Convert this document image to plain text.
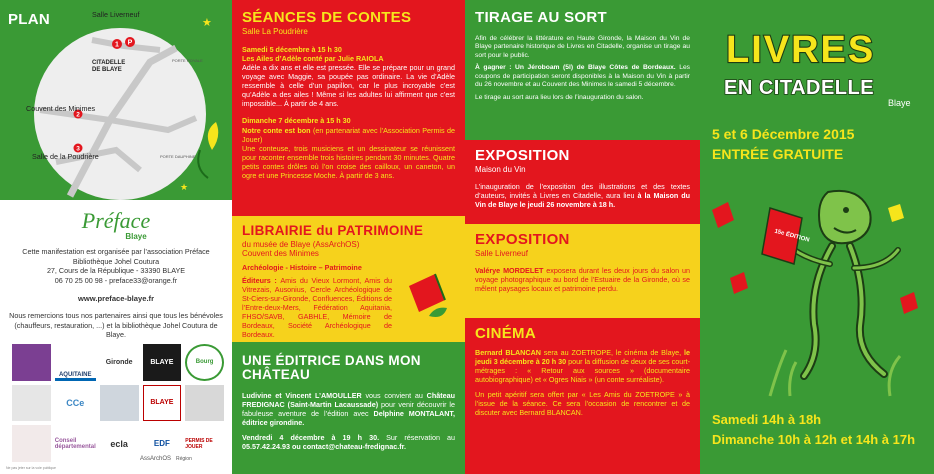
PLAN
1 P
2
3
PORTE ROYALE
PORTE DAUPHINE
★
★
Salle Liverneuf
CITADELLE
DE BLAYE
Couvent des Minimes
Salle de la Poudrière
Préface
Blaye
Cette manifestation est organisée par l’association Préface
Bibliothèque Johel Coutura
27, Cours de la République - 33390 BLAYE
06 70 25 00 98 - preface33@orange.fr
www.preface-blaye.fr
Nous remercions tous nos partenaires ainsi que tous les bénévoles (chauffeurs, restauration, ...) et la bibliothèque Johel Coutura de Blaye.
AQUITAINE
Gironde	BLAYE	Bourg
CCe	BLAYE
Conseil départemental	ecla	EDF	PERMIS DE JOUER
AssArchOS Région
Ne pas jeter sur la voie publique
SÉANCES DE CONTES
Salle La Poudrière
Samedi 5 décembre à 15 h 30
Les Ailes d’Adèle conté par Julie RAIOLA

Adèle a dix ans et elle est pressée. Elle se prépare pour un grand voyage avec Maggie, sa poupée pas ordinaire. La vie d’Adèle ressemble à celle d’un papillon, car le plus incroyable c’est qu’Adèle a des ailes ! Même si les adultes lui affirment que c’est impossible... À partir de 4 ans.

Dimanche 7 décembre à 15 h 30
Notre conte est bon (en partenariat avec l’Association Permis de Jouer)

Une conteuse, trois musiciens et un dessinateur se réunissent pour raconter ensemble trois histoires pendant 30 minutes. Quatre petits contes drôles où l’on croise des cailloux, un caneton, un ogre et une Princesse Moche. À partir de 3 ans.

LIBRAIRIE du PATRIMOINE
du musée de Blaye (AssArchOS)
Couvent des Minimes
Archéologie - Histoire – Patrimoine
Éditeurs : Amis du Vieux Lormont, Amis du Vitrezais, Ausonius, Cercle Archéologique de St-Ciers-sur-Gironde, Confluences, Éditions de l’Entre-deux-Mers, Fédération Aquitania, FHSO/SAVB, GABHLE, Mémoire de Bordeaux, Société Archéologique de Bordeaux.
UNE ÉDITRICE DANS MON CHÂTEAU

Ludivine et Vincent L’AMOULLER vous convient au Château FREDIGNAC (Saint-Martin Lacaussade) pour venir découvrir le fabuleuse aventure de l’édition avec Delphine MONTALANT, éditrice girondine.

Vendredi 4 décembre à 19 h 30. Sur réservation au 05.57.42.24.93 ou contact@chateau-fredignac.fr.

TIRAGE AU SORT

Afin de célébrer la littérature en Haute Gironde, la Maison du Vin de Blaye partenaire historique de Livres en Citadelle, organise un tirage au sort pour le public.

À gagner : Un Jéroboam (5l) de Blaye Côtes de Bordeaux. Les coupons de participation seront disponibles à la Maison du Vin à partir du 26 novembre et au Couvent des Minimes le samedi 5 décembre.

Le tirage au sort aura lieu lors de l’inauguration du salon.

EXPOSITION
Maison du Vin
L’inauguration de l’exposition des illustrations et des textes d’auteurs, invités à Livres en Citadelle, aura lieu à la Maison du Vin de Blaye le jeudi 26 novembre à 18 h.
EXPOSITION
Salle Liverneuf
Valérye MORDELET exposera durant les deux jours du salon un voyage photographique au bord de l’Estuaire de la Gironde, où se mêlent paysages locaux et patrimoine perdu.
CINÉMA

Bernard BLANCAN sera au ZOETROPE, le cinéma de Blaye, le jeudi 3 décembre à 20 h 30 pour la diffusion de deux de ses court-métrages : « Retour aux sources » (documentaire autobiographique) et « Ogres Niais » (un conte surréaliste).

Un petit apéritif sera offert par « Les Amis du ZOETROPE » à l’issue de la séance. Ce sera l’occasion de rencontrer et de discuter avec Bernard BLANCAN.

LIVRES
EN CITADELLE
Blaye
5 et 6 Décembre 2015
ENTRÉE GRATUITE
15e ÉDITION
Samedi 14h à 18h
Dimanche 10h à 12h et 14h à 17h
